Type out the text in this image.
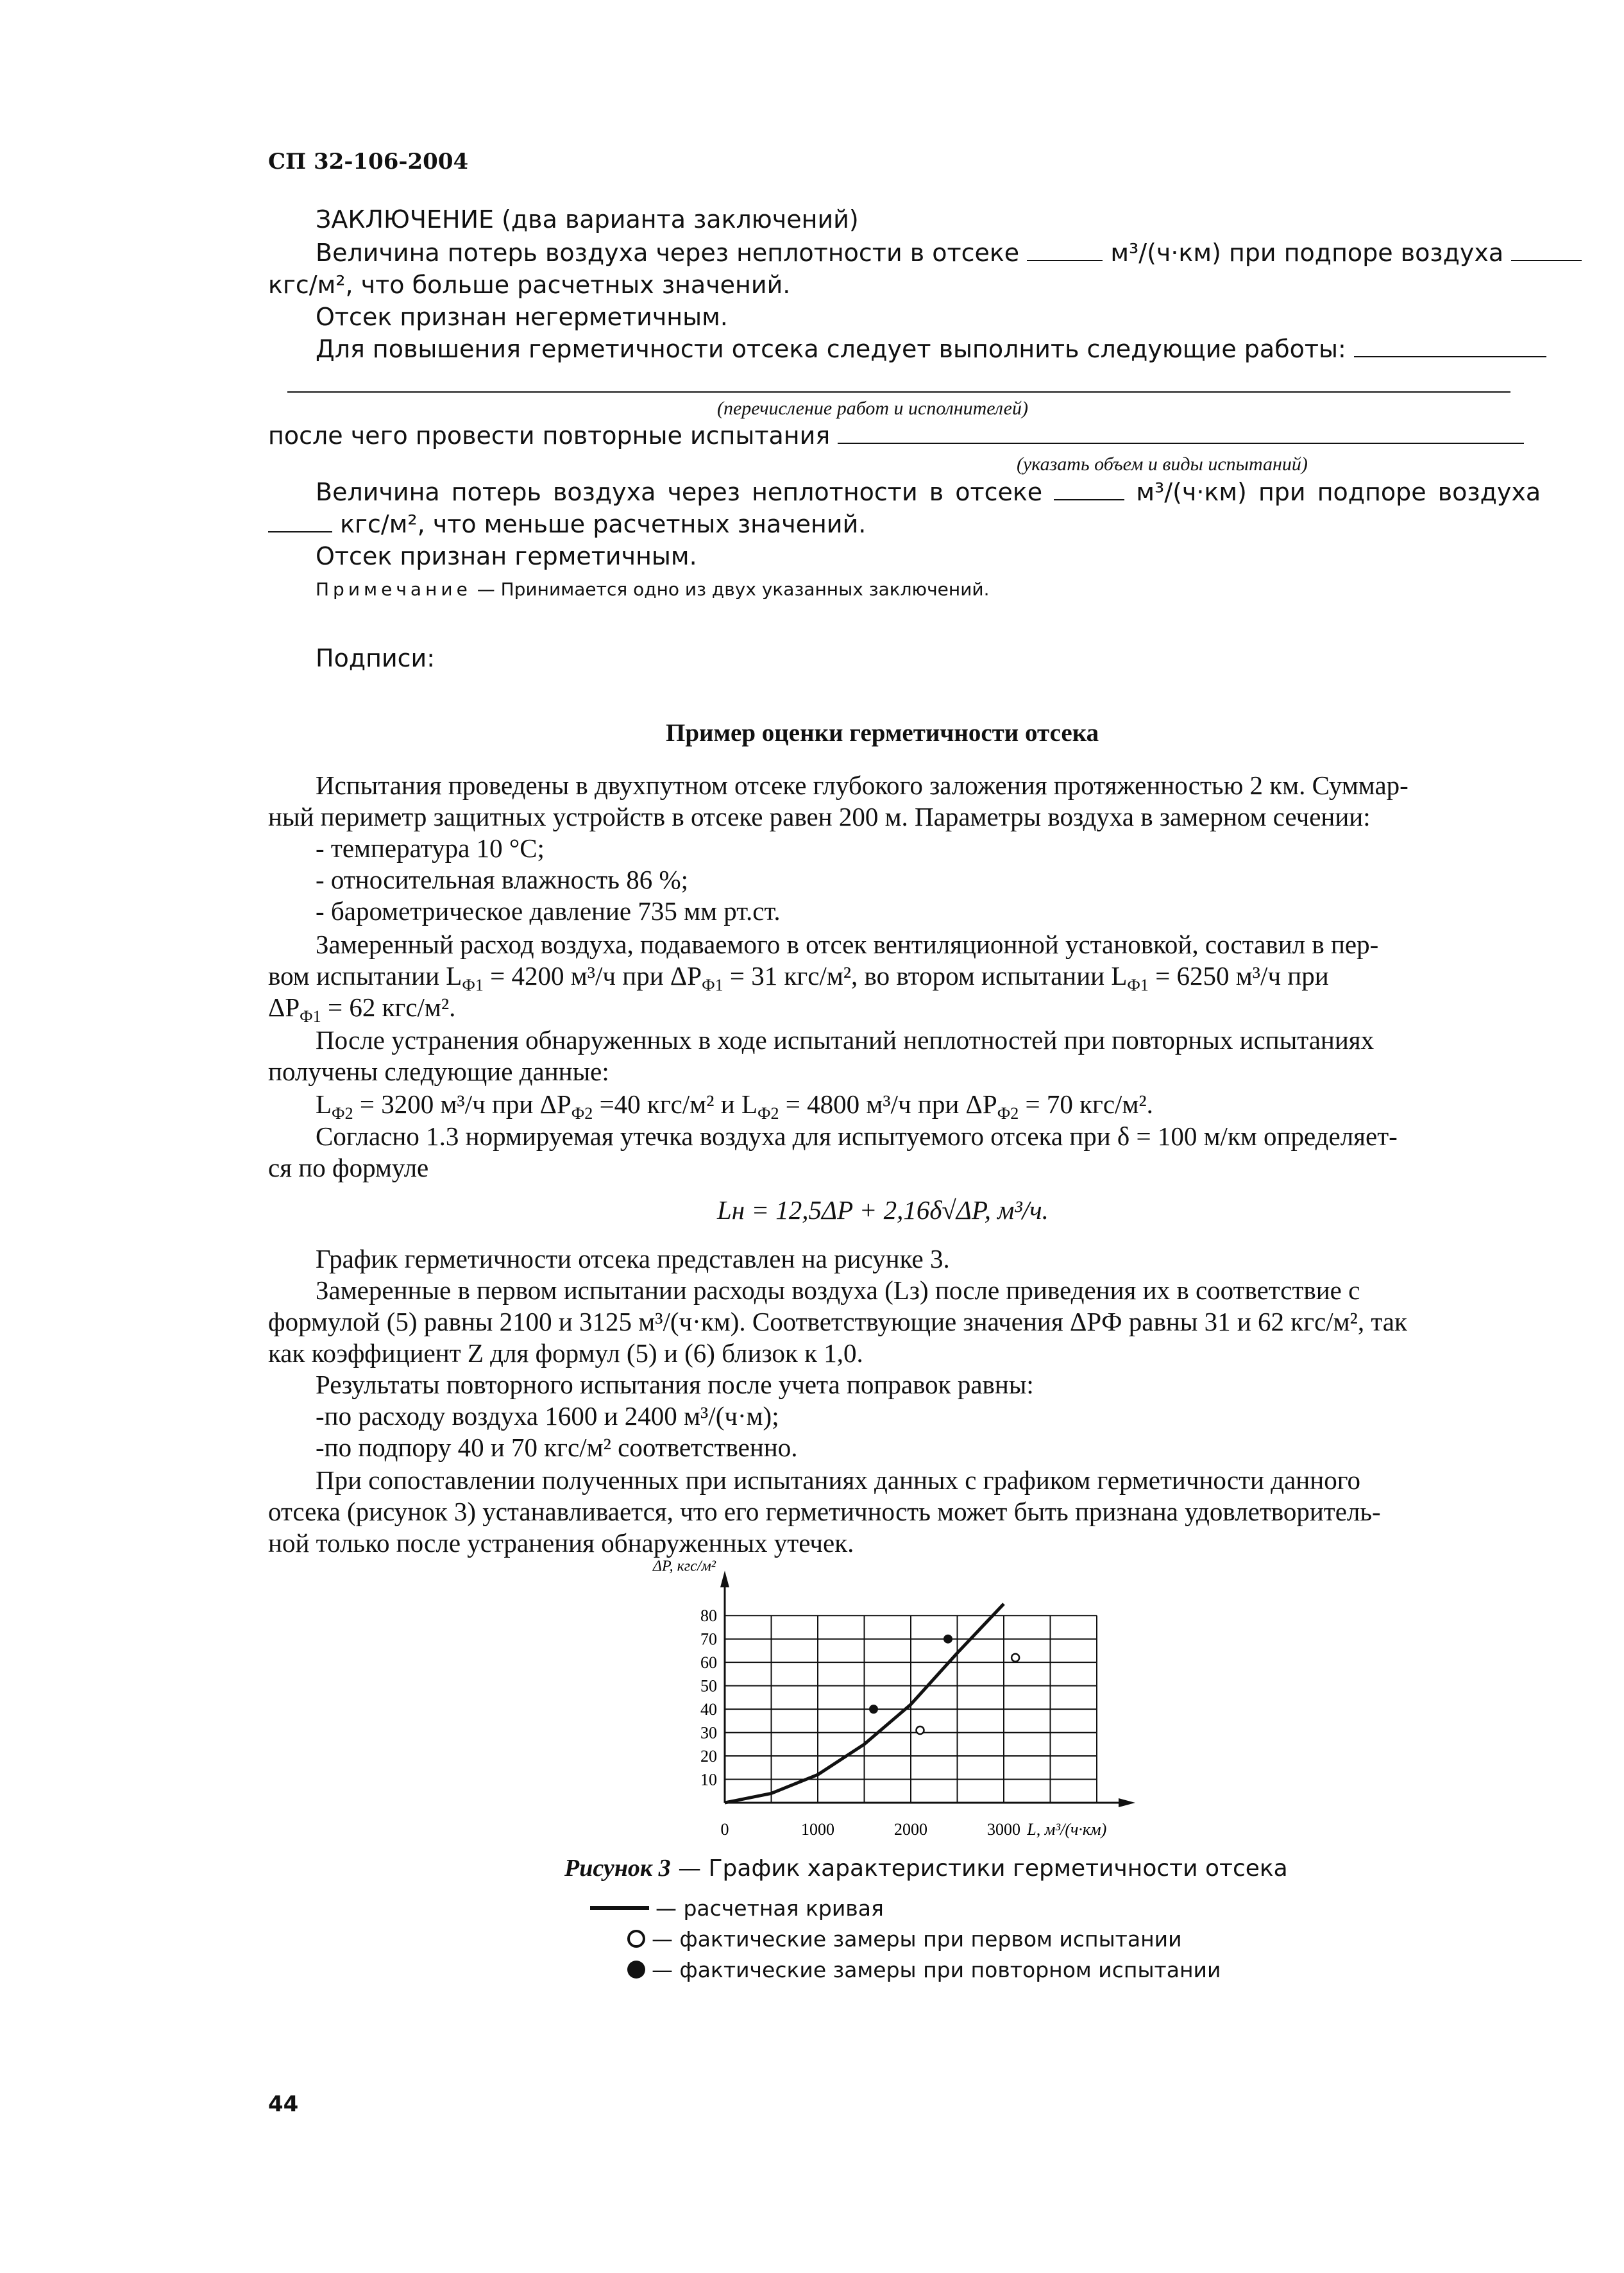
СП 32-106-2004
ЗАКЛЮЧЕНИЕ (два варианта заключений)
Величина потерь воздуха через неплотности в отсеке	м³/(ч·км) при подпоре воздуха
кгс/м², что больше расчетных значений.
Отсек признан негерметичным.
Для повышения герметичности отсека следует выполнить следующие работы:
(перечисление работ и исполнителей)
после чего провести повторные испытания
(указать объем и виды испытаний)
Величина потерь воздуха через неплотности в отсеке	м³/(ч·км) при подпоре воздуха
кгс/м², что меньше расчетных значений.
Отсек признан герметичным.
Примечание — Принимается одно из двух указанных заключений.
Подписи:
Пример оценки герметичности отсека
Испытания проведены в двухпутном отсеке глубокого заложения протяженностью 2 км. Суммар-
ный периметр защитных устройств в отсеке равен 200 м. Параметры воздуха в замерном сечении:
- температура 10 °С;
- относительная влажность 86 %;
- барометрическое давление 735 мм рт.ст.
Замеренный расход воздуха, подаваемого в отсек вентиляционной установкой, составил в пер-
вом испытании $L_{Ф1} = 4200$ м³/ч при $\Delta P_{Ф1} = 31$ кгс/м², во втором испытании $L_{Ф1} = 6250$ м³/ч при
$\Delta P_{Ф1} = 62$ кгс/м².
После устранения обнаруженных в ходе испытаний неплотностей при повторных испытаниях
получены следующие данные:
$L_{Ф2} = 3200$ м³/ч при $\Delta P_{Ф2} =40$ кгс/м² и $L_{Ф2} = 4800$ м³/ч при $\Delta P_{Ф2} = 70$ кгс/м².
Согласно 1.3 нормируемая утечка воздуха для испытуемого отсека при δ = 100 м/км определяет-
ся по формуле
Lн = 12,5ΔP + 2,16δ√ΔP, м³/ч.
График герметичности отсека представлен на рисунке 3.
Замеренные в первом испытании расходы воздуха (Lз) после приведения их в соответствие с
формулой (5) равны 2100 и 3125 м³/(ч·км). Соответствующие значения ΔPФ равны 31 и 62 кгс/м², так
как коэффициент Z для формул (5) и (6) близок к 1,0.
Результаты повторного испытания после учета поправок равны:
-по расходу воздуха 1600 и 2400 м³/(ч·м);
-по подпору 40 и 70 кгс/м² соответственно.
При сопоставлении полученных при испытаниях данных с графиком герметичности данного
отсека (рисунок 3) устанавливается, что его герметичность может быть признана удовлетворитель-
ной только после устранения обнаруженных утечек.
10
20
30
40
50
60
70
80
0	1000	2000	3000
ΔP, кгс/м²
L, м³/(ч·км)
Рисунок 3 — График характеристики герметичности отсека
— расчетная кривая
— фактические замеры при первом испытании
— фактические замеры при повторном испытании
44
